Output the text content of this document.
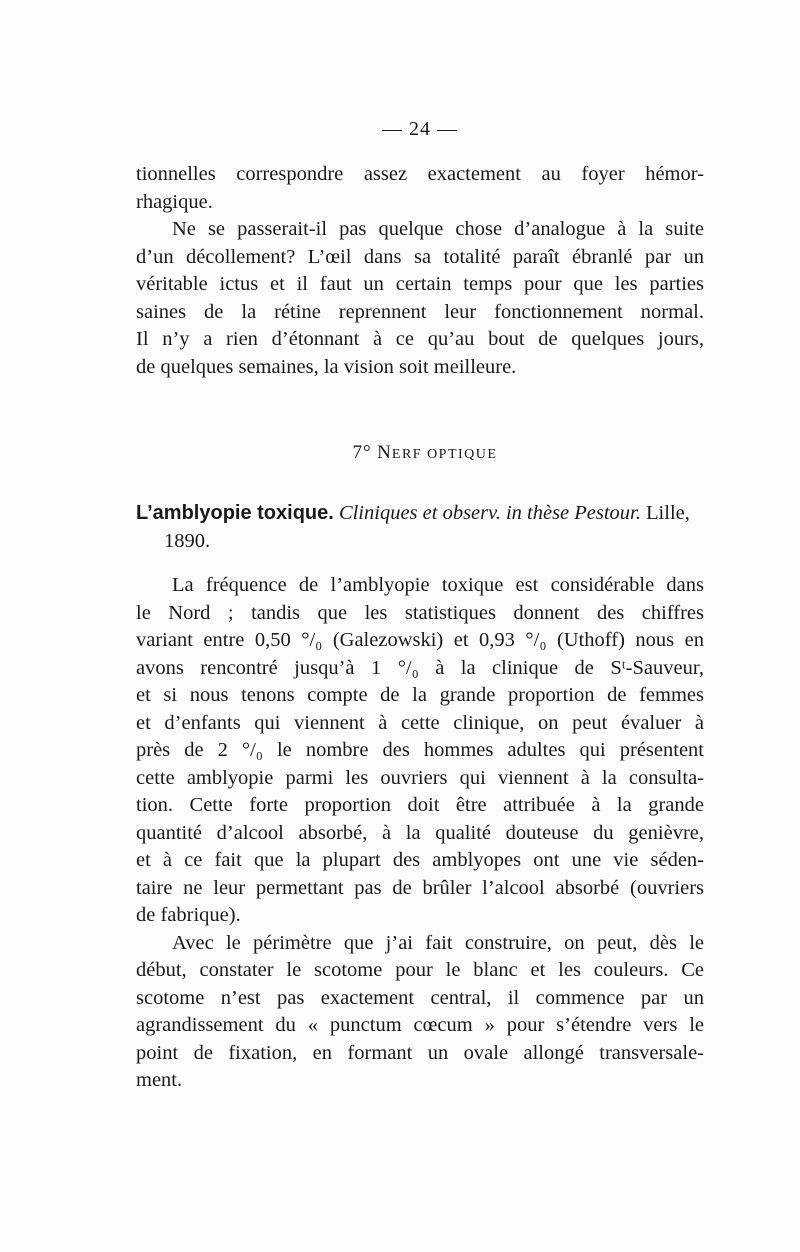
— 24 —
tionnelles correspondre assez exactement au foyer hémor-
rhagique.
Ne se passerait-il pas quelque chose d’analogue à la suite
d’un décollement? L’œil dans sa totalité paraît ébranlé par un
véritable ictus et il faut un certain temps pour que les parties
saines de la rétine reprennent leur fonctionnement normal.
Il n’y a rien d’étonnant à ce qu’au bout de quelques jours,
de quelques semaines, la vision soit meilleure.
7° NERF OPTIQUE
L’amblyopie toxique. Cliniques et observ. in thèse Pestour. Lille,
1890.
La fréquence de l’amblyopie toxique est considérable dans
le Nord ; tandis que les statistiques donnent des chiffres
variant entre 0,50 °/₀ (Galezowski) et 0,93 °/₀ (Uthoff) nous en
avons rencontré jusqu’à 1 °/₀ à la clinique de Sᵗ-Sauveur,
et si nous tenons compte de la grande proportion de femmes
et d’enfants qui viennent à cette clinique, on peut évaluer à
près de 2 °/₀ le nombre des hommes adultes qui présentent
cette amblyopie parmi les ouvriers qui viennent à la consulta-
tion. Cette forte proportion doit être attribuée à la grande
quantité d’alcool absorbé, à la qualité douteuse du genièvre,
et à ce fait que la plupart des amblyopes ont une vie séden-
taire ne leur permettant pas de brûler l’alcool absorbé (ouvriers
de fabrique).
Avec le périmètre que j’ai fait construire, on peut, dès le
début, constater le scotome pour le blanc et les couleurs. Ce
scotome n’est pas exactement central, il commence par un
agrandissement du « punctum cœcum » pour s’étendre vers le
point de fixation, en formant un ovale allongé transversale-
ment.
